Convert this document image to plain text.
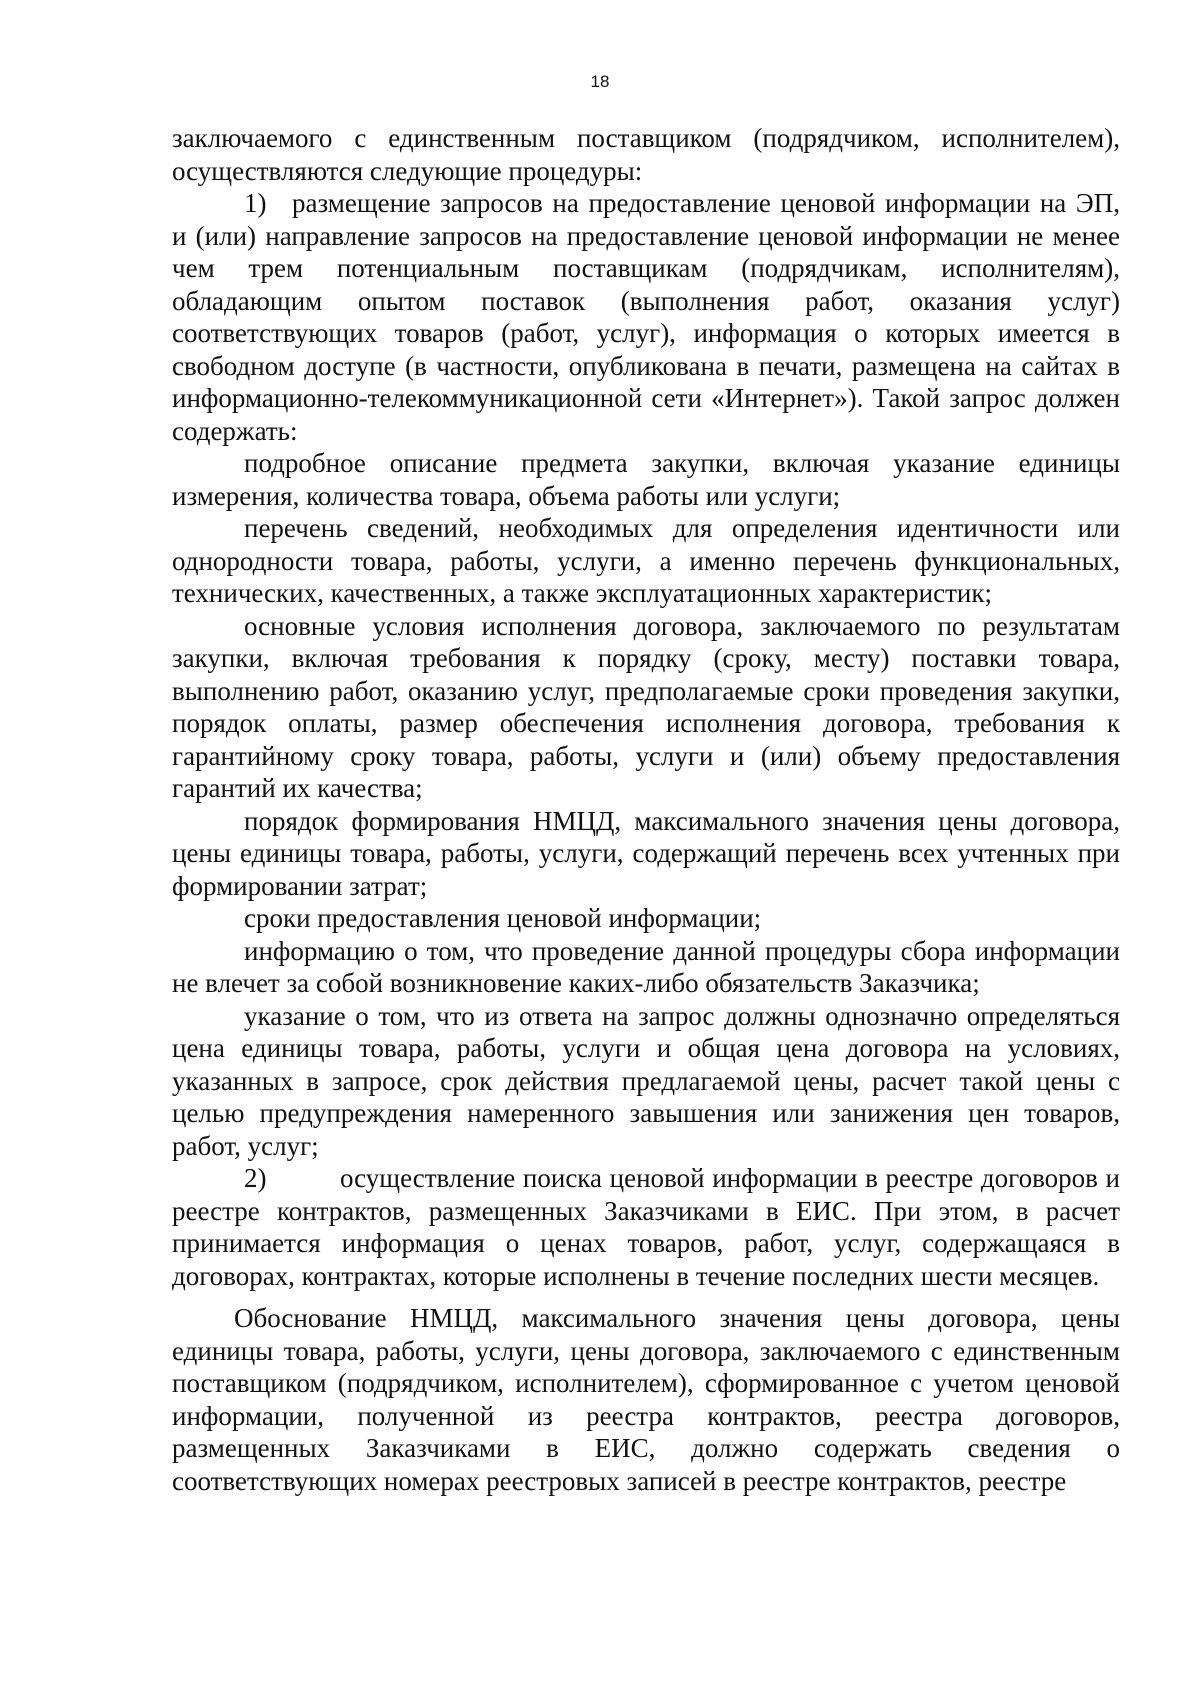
18

заключаемого с единственным поставщиком (подрядчиком, исполнителем), осуществляются следующие процедуры:

1) размещение запросов на предоставление ценовой информации на ЭП, и (или) направление запросов на предоставление ценовой информации не менее чем трем потенциальным поставщикам (подрядчикам, исполнителям), обладающим опытом поставок (выполнения работ, оказания услуг) соответствующих товаров (работ, услуг), информация о которых имеется в свободном доступе (в частности, опубликована в печати, размещена на сайтах в информационно-телекоммуникационной сети «Интернет»). Такой запрос должен содержать:

подробное описание предмета закупки, включая указание единицы измерения, количества товара, объема работы или услуги;

перечень сведений, необходимых для определения идентичности или однородности товара, работы, услуги, а именно перечень функциональных, технических, качественных, а также эксплуатационных характеристик;

основные условия исполнения договора, заключаемого по результатам закупки, включая требования к порядку (сроку, месту) поставки товара, выполнению работ, оказанию услуг, предполагаемые сроки проведения закупки, порядок оплаты, размер обеспечения исполнения договора, требования к гарантийному сроку товара, работы, услуги и (или) объему предоставления гарантий их качества;

порядок формирования НМЦД, максимального значения цены договора, цены единицы товара, работы, услуги, содержащий перечень всех учтенных при формировании затрат;

сроки предоставления ценовой информации;

информацию о том, что проведение данной процедуры сбора информации не влечет за собой возникновение каких-либо обязательств Заказчика;

указание о том, что из ответа на запрос должны однозначно определяться цена единицы товара, работы, услуги и общая цена договора на условиях, указанных в запросе, срок действия предлагаемой цены, расчет такой цены с целью предупреждения намеренного завышения или занижения цен товаров, работ, услуг;

2)	осуществление поиска ценовой информации в реестре договоров и реестре контрактов, размещенных Заказчиками в ЕИС. При этом, в расчет принимается информация о ценах товаров, работ, услуг, содержащаяся в договорах, контрактах, которые исполнены в течение последних шести месяцев.

Обоснование НМЦД, максимального значения цены договора, цены единицы товара, работы, услуги, цены договора, заключаемого с единственным поставщиком (подрядчиком, исполнителем), сформированное с учетом ценовой информации, полученной из реестра контрактов, реестра договоров, размещенных Заказчиками в ЕИС, должно содержать сведения о соответствующих номерах реестровых записей в реестре контрактов, реестре
